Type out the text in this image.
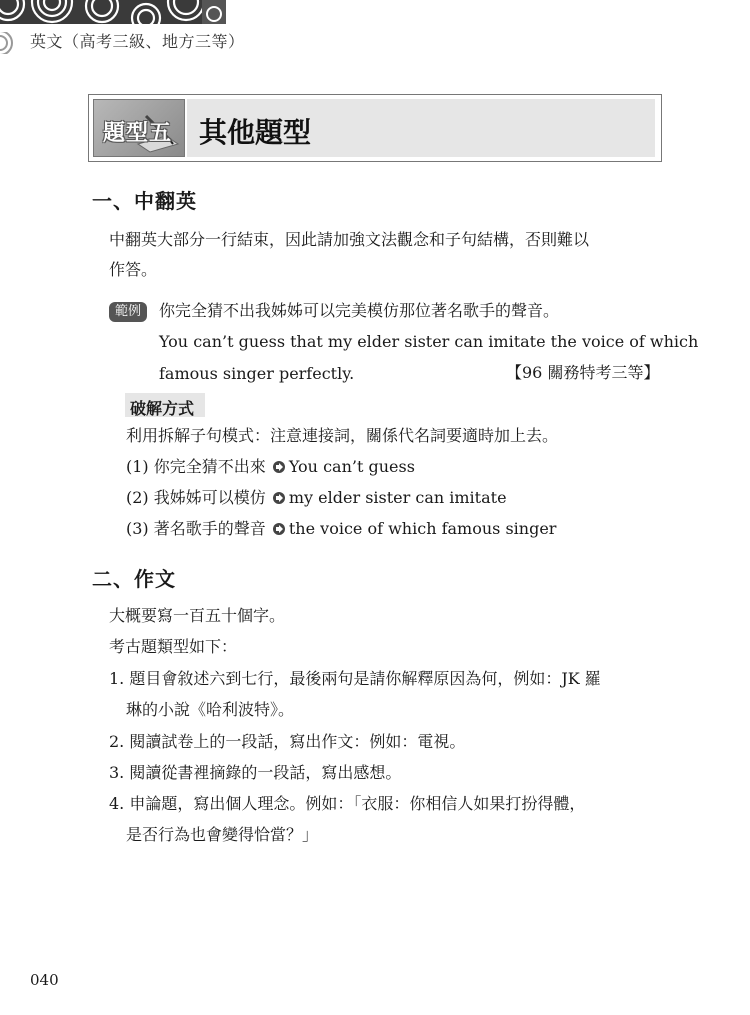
英文（高考三級、地方三等）
題型五 其他題型
一、中翻英
中翻英大部分一行結束，因此請加強文法觀念和子句結構，否則難以
作答。
範例	你完全猜不出我姊姊可以完美模仿那位著名歌手的聲音。
You can’t guess that my elder sister can imitate the voice of which
famous singer perfectly.	【96 關務特考三等】
破解方式
利用拆解子句模式：注意連接詞，關係代名詞要適時加上去。
(1) 你完全猜不出來 You can’t guess
(2) 我姊姊可以模仿 my elder sister can imitate
(3) 著名歌手的聲音 the voice of which famous singer
二、作文
大概要寫一百五十個字。
考古題類型如下：
1. 題目會敘述六到七行，最後兩句是請你解釋原因為何，例如：JK 羅
琳的小說《哈利波特》。
2. 閱讀試卷上的一段話，寫出作文：例如：電視。
3. 閱讀從書裡摘錄的一段話，寫出感想。
4. 申論題，寫出個人理念。例如：「衣服：你相信人如果打扮得體，
是否行為也會變得恰當？」
040
